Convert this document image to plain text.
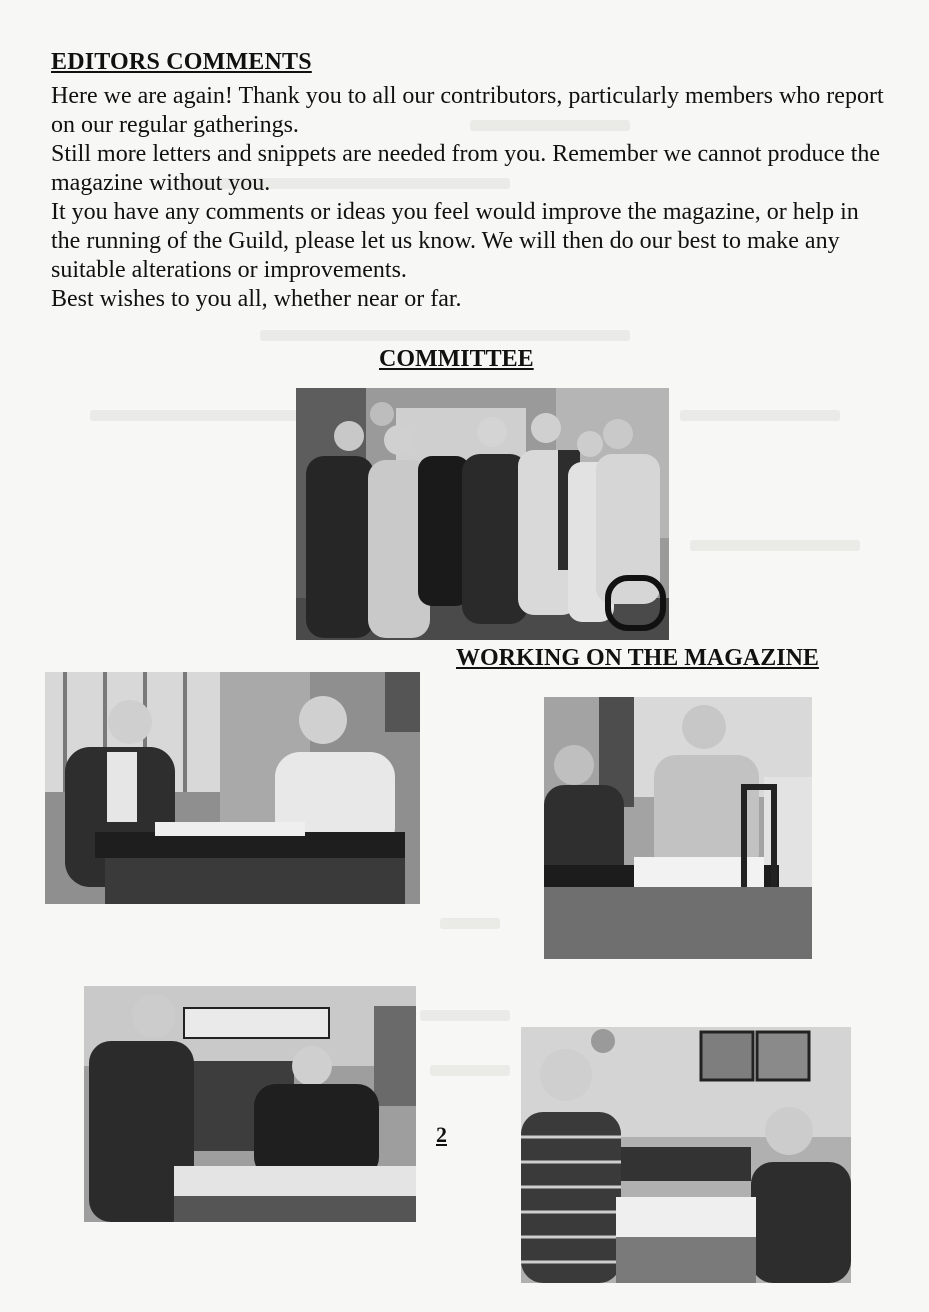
EDITORS COMMENTS

Here we are again! Thank you to all our contributors, particularly members who report on our regular gatherings.

Still more letters and snippets are needed from you. Remember we cannot produce the magazine without you.

It you have any comments or ideas you feel would improve the magazine, or help in the running of the Guild, please let us know. We will then do our best to make any suitable alterations or improvements.

Best wishes to you all, whether near or far.

COMMITTEE
WORKING ON THE MAGAZINE
2
